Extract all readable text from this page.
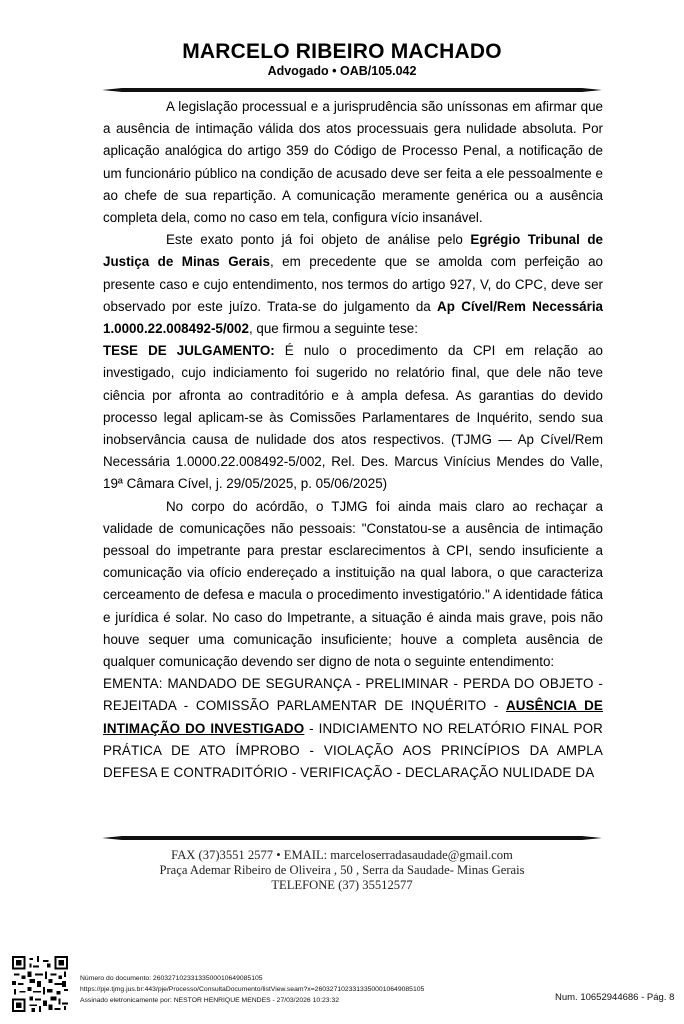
MARCELO RIBEIRO MACHADO
Advogado • OAB/105.042

A legislação processual e a jurisprudência são uníssonas em afirmar que a ausência de intimação válida dos atos processuais gera nulidade absoluta. Por aplicação analógica do artigo 359 do Código de Processo Penal, a notificação de um funcionário público na condição de acusado deve ser feita a ele pessoalmente e ao chefe de sua repartição. A comunicação meramente genérica ou a ausência completa dela, como no caso em tela, configura vício insanável.

Este exato ponto já foi objeto de análise pelo Egrégio Tribunal de Justiça de Minas Gerais, em precedente que se amolda com perfeição ao presente caso e cujo entendimento, nos termos do artigo 927, V, do CPC, deve ser observado por este juízo. Trata-se do julgamento da Ap Cível/Rem Necessária 1.0000.22.008492-5/002, que firmou a seguinte tese:

TESE DE JULGAMENTO: É nulo o procedimento da CPI em relação ao investigado, cujo indiciamento foi sugerido no relatório final, que dele não teve ciência por afronta ao contraditório e à ampla defesa. As garantias do devido processo legal aplicam-se às Comissões Parlamentares de Inquérito, sendo sua inobservância causa de nulidade dos atos respectivos. (TJMG — Ap Cível/Rem Necessária 1.0000.22.008492-5/002, Rel. Des. Marcus Vinícius Mendes do Valle, 19ª Câmara Cível, j. 29/05/2025, p. 05/06/2025)

No corpo do acórdão, o TJMG foi ainda mais claro ao rechaçar a validade de comunicações não pessoais: "Constatou-se a ausência de intimação pessoal do impetrante para prestar esclarecimentos à CPI, sendo insuficiente a comunicação via ofício endereçado a instituição na qual labora, o que caracteriza cerceamento de defesa e macula o procedimento investigatório." A identidade fática e jurídica é solar. No caso do Impetrante, a situação é ainda mais grave, pois não houve sequer uma comunicação insuficiente; houve a completa ausência de qualquer comunicação devendo ser digno de nota o seguinte entendimento:

EMENTA: MANDADO DE SEGURANÇA - PRELIMINAR - PERDA DO OBJETO - REJEITADA - COMISSÃO PARLAMENTAR DE INQUÉRITO - AUSÊNCIA DE INTIMAÇÃO DO INVESTIGADO - INDICIAMENTO NO RELATÓRIO FINAL POR PRÁTICA DE ATO ÍMPROBO - VIOLAÇÃO AOS PRINCÍPIOS DA AMPLA DEFESA E CONTRADITÓRIO - VERIFICAÇÃO - DECLARAÇÃO NULIDADE DA

FAX (37)3551 2577 • EMAIL: marceloserradasaudade@gmail.com
Praça Ademar Ribeiro de Oliveira , 50 , Serra da Saudade- Minas Gerais
TELEFONE (37) 35512577
Número do documento: 26032710233133500010649085105
https://pje.tjmg.jus.br:443/pje/Processo/ConsultaDocumento/listView.seam?x=26032710233133500010649085105
Assinado eletronicamente por: NESTOR HENRIQUE MENDES - 27/03/2026 10:23:32	Num. 10652944686 - Pág. 8
